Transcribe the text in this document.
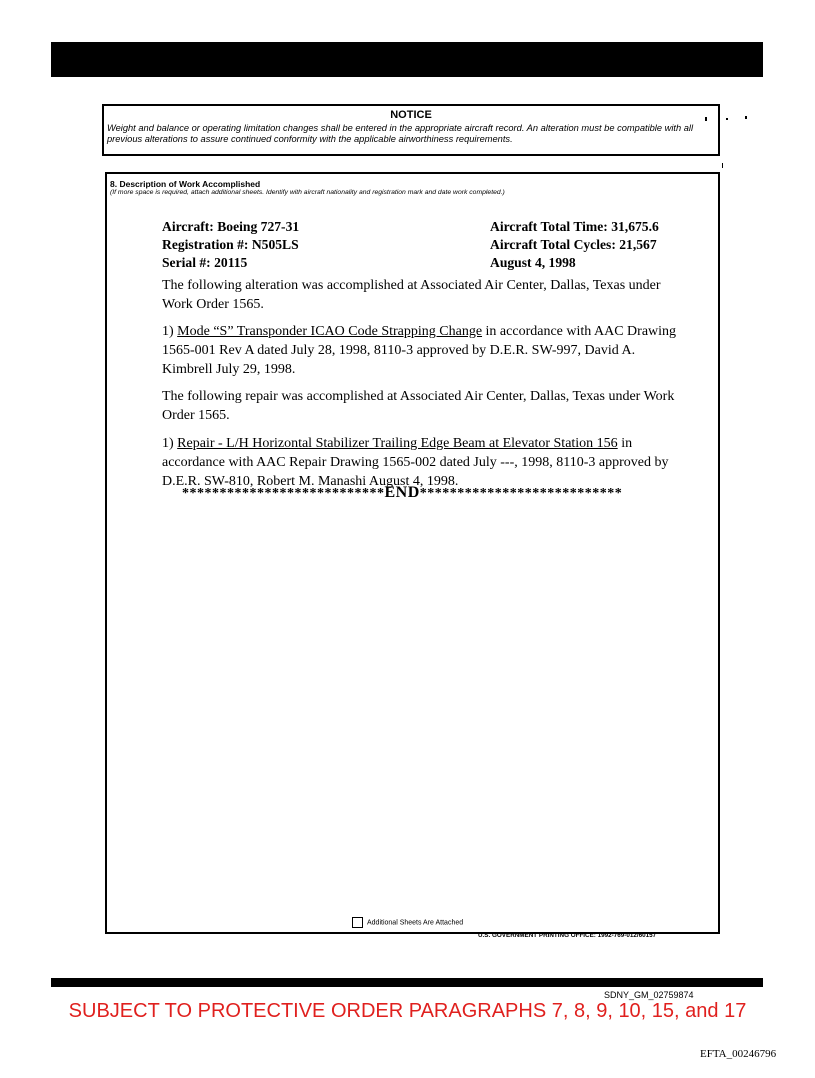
NOTICE
Weight and balance or operating limitation changes shall be entered in the appropriate aircraft record. An alteration must be compatible with all previous alterations to assure continued conformity with the applicable airworthiness requirements.
8. Description of Work Accomplished
(If more space is required, attach additional sheets. Identify with aircraft nationality and registration mark and date work completed.)
Aircraft: Boeing 727-31
Registration #: N505LS
Serial #: 20115
Aircraft Total Time: 31,675.6
Aircraft Total Cycles: 21,567
August 4, 1998
The following alteration was accomplished at Associated Air Center, Dallas, Texas under Work Order 1565.
1) Mode “S” Transponder ICAO Code Strapping Change in accordance with AAC Drawing 1565-001 Rev A dated July 28, 1998, 8110-3 approved by D.E.R. SW-997, David A. Kimbrell July 29, 1998.
The following repair was accomplished at Associated Air Center, Dallas, Texas under Work Order 1565.
1) Repair - L/H Horizontal Stabilizer Trailing Edge Beam at Elevator Station 156 in accordance with AAC Repair Drawing 1565-002 dated July ---, 1998, 8110-3 approved by D.E.R. SW-810, Robert M. Manashi August 4, 1998.
***************************END***************************
Additional Sheets Are Attached
U.S. GOVERNMENT PRINTING OFFICE: 1992-769-012/60157
SDNY_GM_02759874
SUBJECT TO PROTECTIVE ORDER PARAGRAPHS 7, 8, 9, 10, 15, and 17
EFTA_00246796
